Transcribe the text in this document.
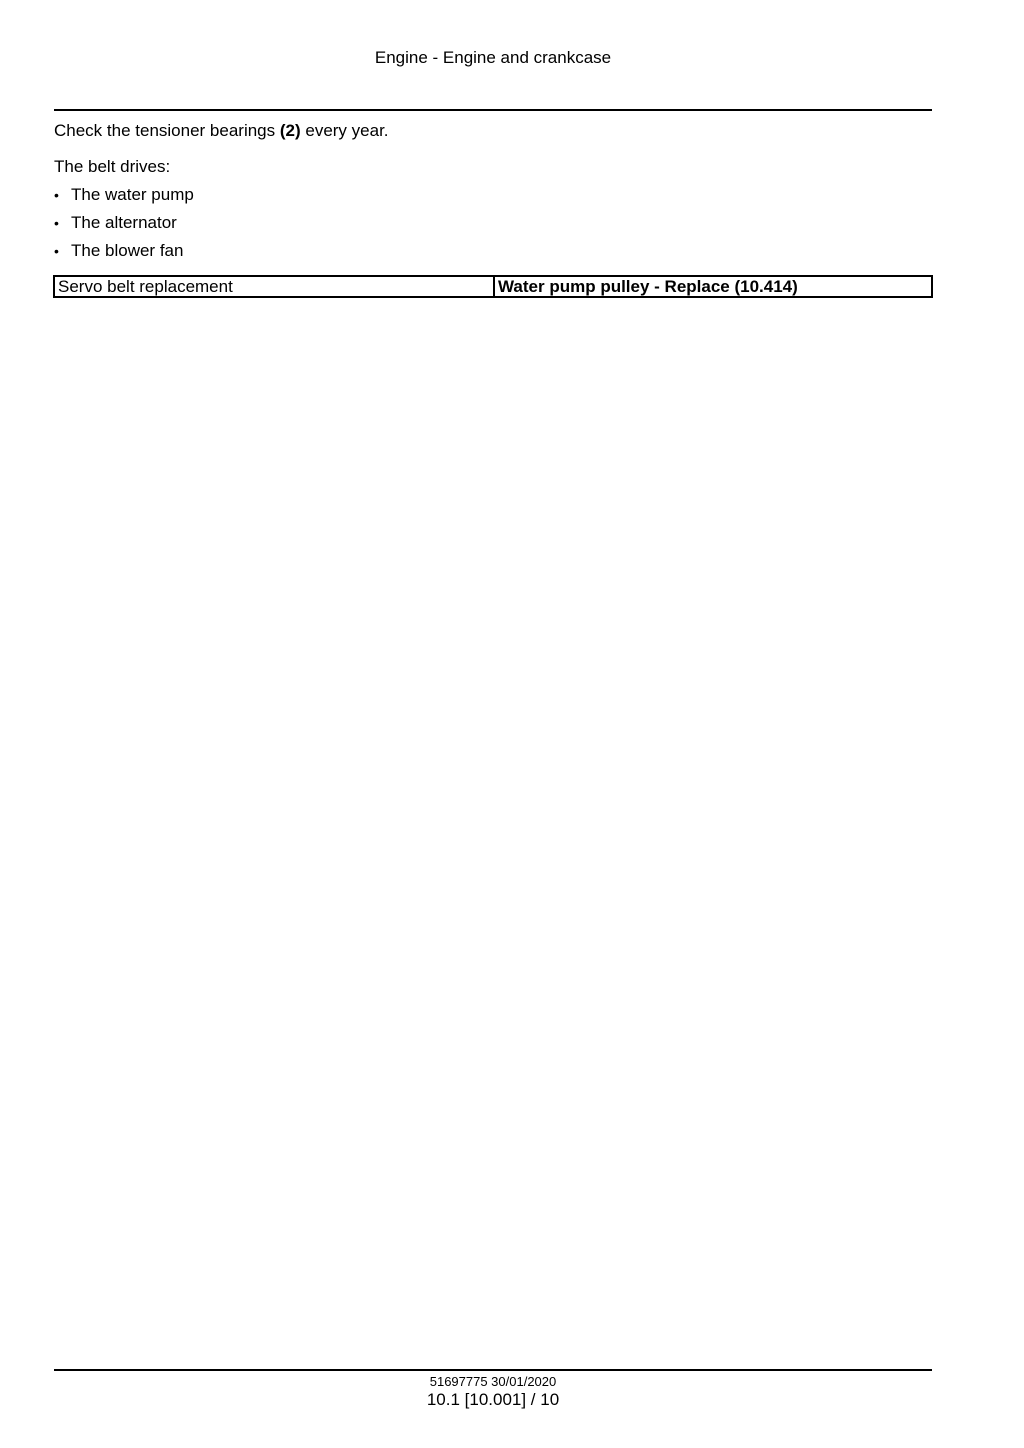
Engine - Engine and crankcase

Check the tensioner bearings (2) every year.

The belt drives:

• The water pump
• The alternator
• The blower fan
Servo belt replacement	Water pump pulley - Replace (10.414)
51697775 30/01/2020
10.1 [10.001] / 10
